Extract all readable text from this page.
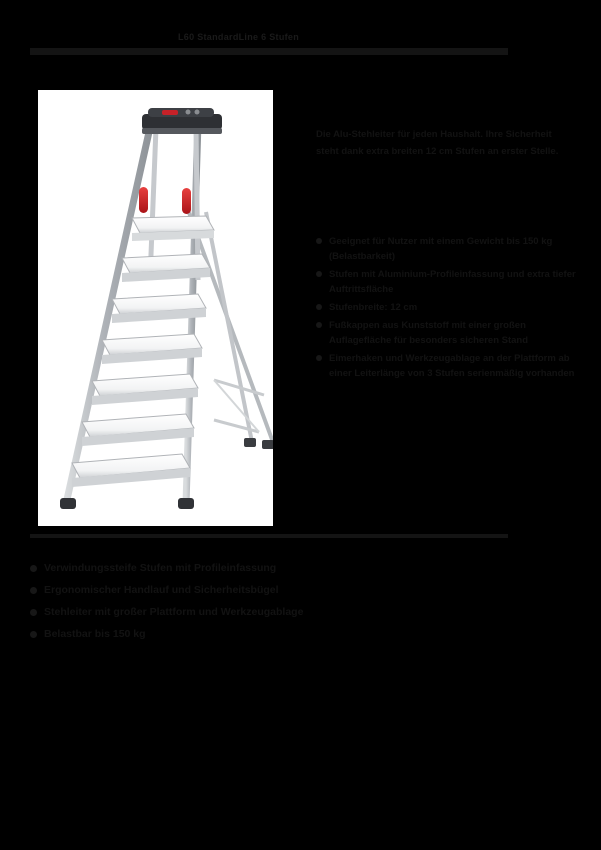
L60 StandardLine 6 Stufen
Die Alu-Stehleiter für jeden Haushalt. Ihre Sicherheit steht dank extra breiten 12 cm Stufen an erster Stelle.
Geeignet für Nutzer mit einem Gewicht bis 150 kg (Belastbarkeit)
Stufen mit Aluminium-Profileinfassung und extra tiefer Auftrittsfläche
Stufenbreite: 12 cm
Fußkappen aus Kunststoff mit einer großen Auflagefläche für besonders sicheren Stand
Eimerhaken und Werkzeugablage an der Plattform ab einer Leiterlänge von 3 Stufen serienmäßig vorhanden
Verwindungssteife Stufen mit Profileinfassung
Ergonomischer Handlauf und Sicherheitsbügel
Stehleiter mit großer Plattform und Werkzeugablage
Belastbar bis 150 kg
